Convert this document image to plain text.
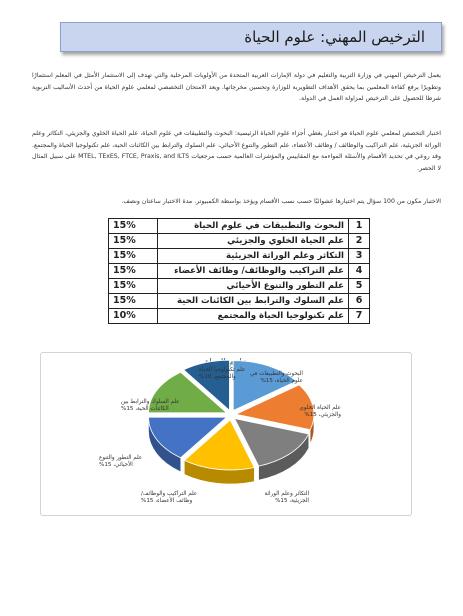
الترخيص المهني: علوم الحياة
يعمل الترخيص المهني في وزارة التربية والتعليم في دولة الإمارات العربية المتحدة من الأولويات المرحلية والتي تهدف إلى الاستثمار الأمثل في المعلم استثمارًا وتطويرًا يرفع كفاءة المعلمين بما يحقق الأهداف التطويرية للوزارة وتحسين مخرجاتها. ويعد الامتحان التخصصي لمعلمي علوم الحياة من أحدث الأساليب التربوية شرطا للحصول على الترخيص لمزاولة العمل في الدولة.
اختبار التخصص لمعلمي علوم الحياة هو اختبار يغطي أجزاء علوم الحياة الرئيسية: البحوث والتطبيقات في علوم الحياة، علم الحياة الخلوي والجزيئي، التكاثر وعلم الوراثة الجزيئية، علم التراكيب والوظائف / وظائف الأعضاء، علم التطور والتنوع الأحيائي، علم السلوك والترابط بين الكائنات الحية، علم تكنولوجيا الحياة والمجتمع. وقد روعي في تحديد الأقسام والأسئلة المواءمة مع المقاييس والمؤشرات العالمية حسب مرجعيات MTEL, TExES, FTCE, Praxis, and ILTS على سبيل المثال لا الحصر.
الاختبار مكون من 100 سؤال يتم اختيارها عشوائيًا حسب نسب الأقسام ويؤخذ بواسطة الكمبيوتر. مدة الاختبار ساعتان ونصف.
15%	البحوث والتطبيقات في علوم الحياة	1
15%	علم الحياة الخلوي والجزيئي	2
15%	التكاثر وعلم الوراثة الجزيئية	3
15%	علم التراكيب والوظائف/ وظائف الأعضاء	4
15%	علم التطور والتنوع الأحيائي	5
15%	علم السلوك والترابط بين الكائنات الحية	6
10%	علم تكنولوجيا الحياة والمجتمع	7
البحوث والتطبيقات في علوم الحياة، 15%
علم الحياة الخلوي والجزيئي، 15%
التكاثر وعلم الوراثة الجزيئية، 15%
علم التراكيب والوظائف/ وظائف الأعضاء، 15%
علم التطور والتنوع الأحيائي، 15%
علم السلوك والترابط بين الكائنات الحية، 15%
علم تكنولوجيا الحياة والمجتمع، 10%
